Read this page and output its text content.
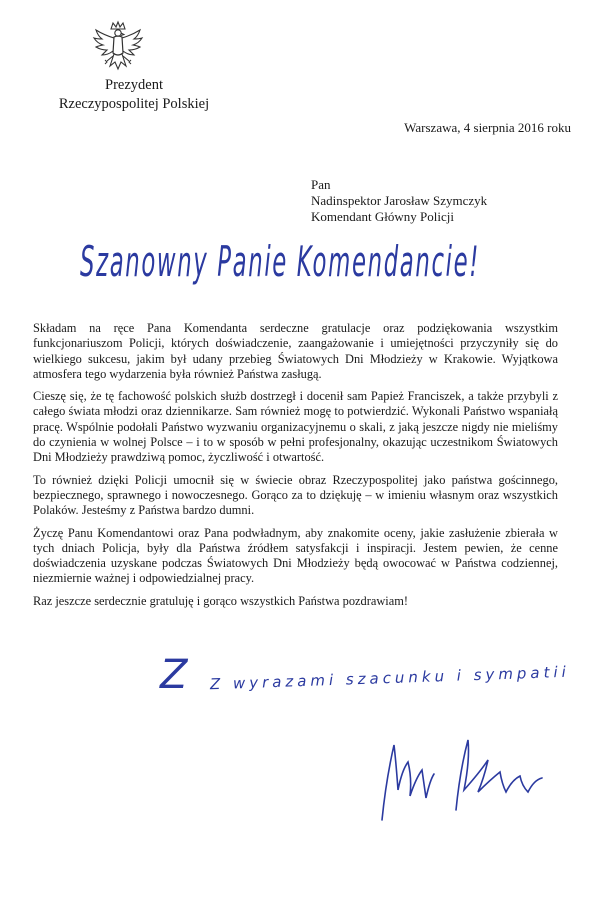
Prezydent
Rzeczypospolitej Polskiej
Warszawa, 4 sierpnia 2016 roku
Pan
Nadinspektor Jarosław Szymczyk
Komendant Główny Policji
Szanowny Panie Komendancie!

Składam na ręce Pana Komendanta serdeczne gratulacje oraz podziękowania wszystkim funkcjonariuszom Policji, których doświadczenie, zaangażowanie i umiejętności przyczyniły się do wielkiego sukcesu, jakim był udany przebieg Światowych Dni Młodzieży w Krakowie. Wyjątkowa atmosfera tego wydarzenia była również Państwa zasługą.

Cieszę się, że tę fachowość polskich służb dostrzegł i docenił sam Papież Franciszek, a także przybyli z całego świata młodzi oraz dziennikarze. Sam również mogę to potwierdzić. Wykonali Państwo wspaniałą pracę. Wspólnie podołali Państwo wyzwaniu organizacyjnemu o skali, z jaką jeszcze nigdy nie mieliśmy do czynienia w wolnej Polsce – i to w sposób w pełni profesjonalny, okazując uczestnikom Światowych Dni Młodzieży prawdziwą pomoc, życzliwość i otwartość.

To również dzięki Policji umocnił się w świecie obraz Rzeczypospolitej jako państwa gościnnego, bezpiecznego, sprawnego i nowoczesnego. Gorąco za to dziękuję – w imieniu własnym oraz wszystkich Polaków. Jesteśmy z Państwa bardzo dumni.

Życzę Panu Komendantowi oraz Pana podwładnym, aby znakomite oceny, jakie zasłużenie zbierała w tych dniach Policja, były dla Państwa źródłem satysfakcji i inspiracji. Jestem pewien, że cenne doświadczenia uzyskane podczas Światowych Dni Młodzieży będą owocować w Państwa codziennej, niezmiernie ważnej i odpowiedzialnej pracy.

Raz jeszcze serdecznie gratuluję i gorąco wszystkich Państwa pozdrawiam!

Z Z wyrazami szacunku i sympatii
